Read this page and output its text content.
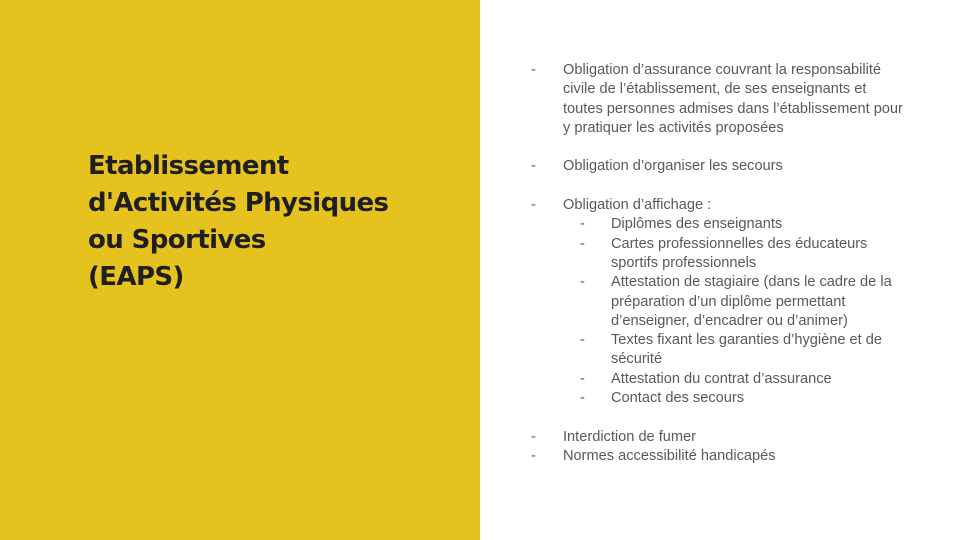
Etablissement
d'Activités Physiques
ou Sportives
(EAPS)
- Obligation d’assurance couvrant la responsabilité
civile de l’établissement, de ses enseignants et
toutes personnes admises dans l’établissement pour
y pratiquer les activités proposées
- Obligation d’organiser les secours
- Obligation d’affichage :
- Diplômes des enseignants
- Cartes professionnelles des éducateurs
sportifs professionnels
- Attestation de stagiaire (dans le cadre de la
préparation d’un diplôme permettant
d’enseigner, d’encadrer ou d’animer)
- Textes fixant les garanties d’hygiène et de
sécurité
- Attestation du contrat d’assurance
- Contact des secours
- Interdiction de fumer
- Normes accessibilité handicapés
